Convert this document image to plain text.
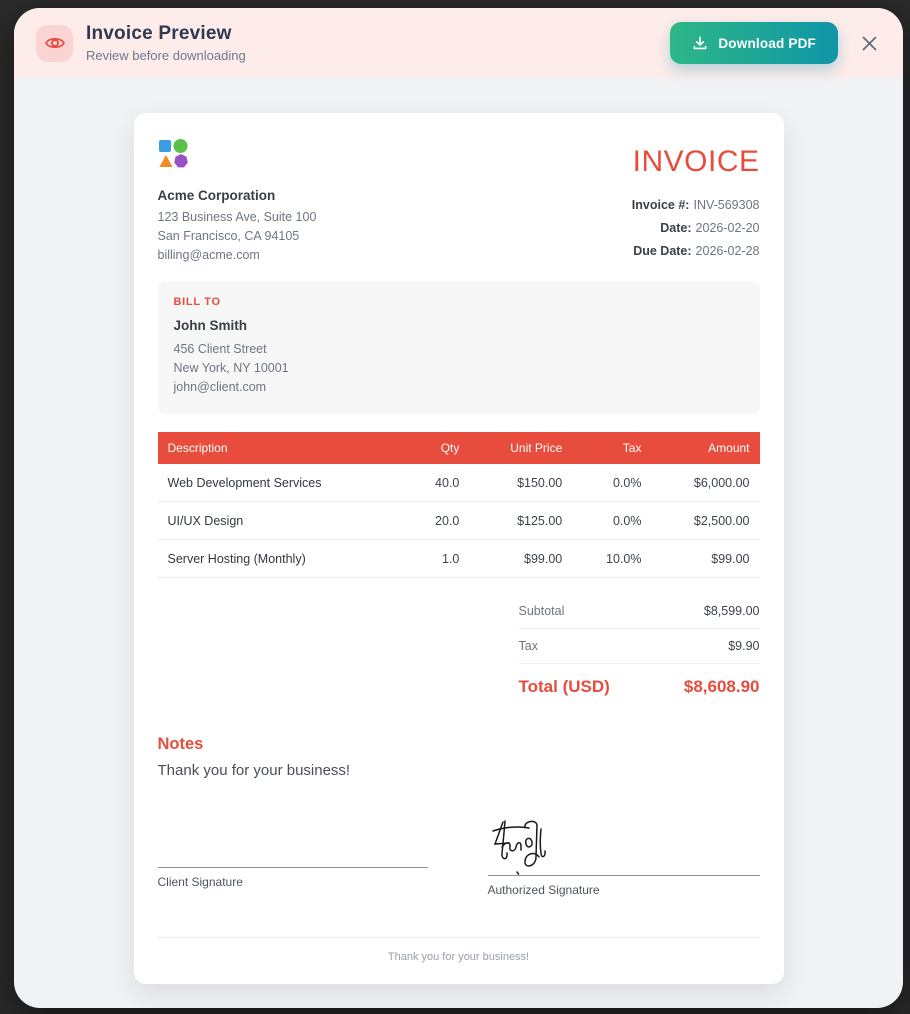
Invoice Preview

Review before downloading

Download PDF
Acme Corporation
123 Business Ave, Suite 100
San Francisco, CA 94105
billing@acme.com
INVOICE
Invoice #: INV-569308
Date: 2026-02-20
Due Date: 2026-02-28
BILL TO
John Smith
456 Client Street
New York, NY 10001
john@client.com
Description	Qty	Unit Price	Tax	Amount
Web Development Services	40.0	$150.00	0.0%	$6,000.00
UI/UX Design	20.0	$125.00	0.0%	$2,500.00
Server Hosting (Monthly)	1.0	$99.00	10.0%	$99.00
Subtotal	$8,599.00
Tax	$9.90
Total (USD)	$8,608.90
Notes

Thank you for your business!

Client Signature
Authorized Signature
Thank you for your business!
